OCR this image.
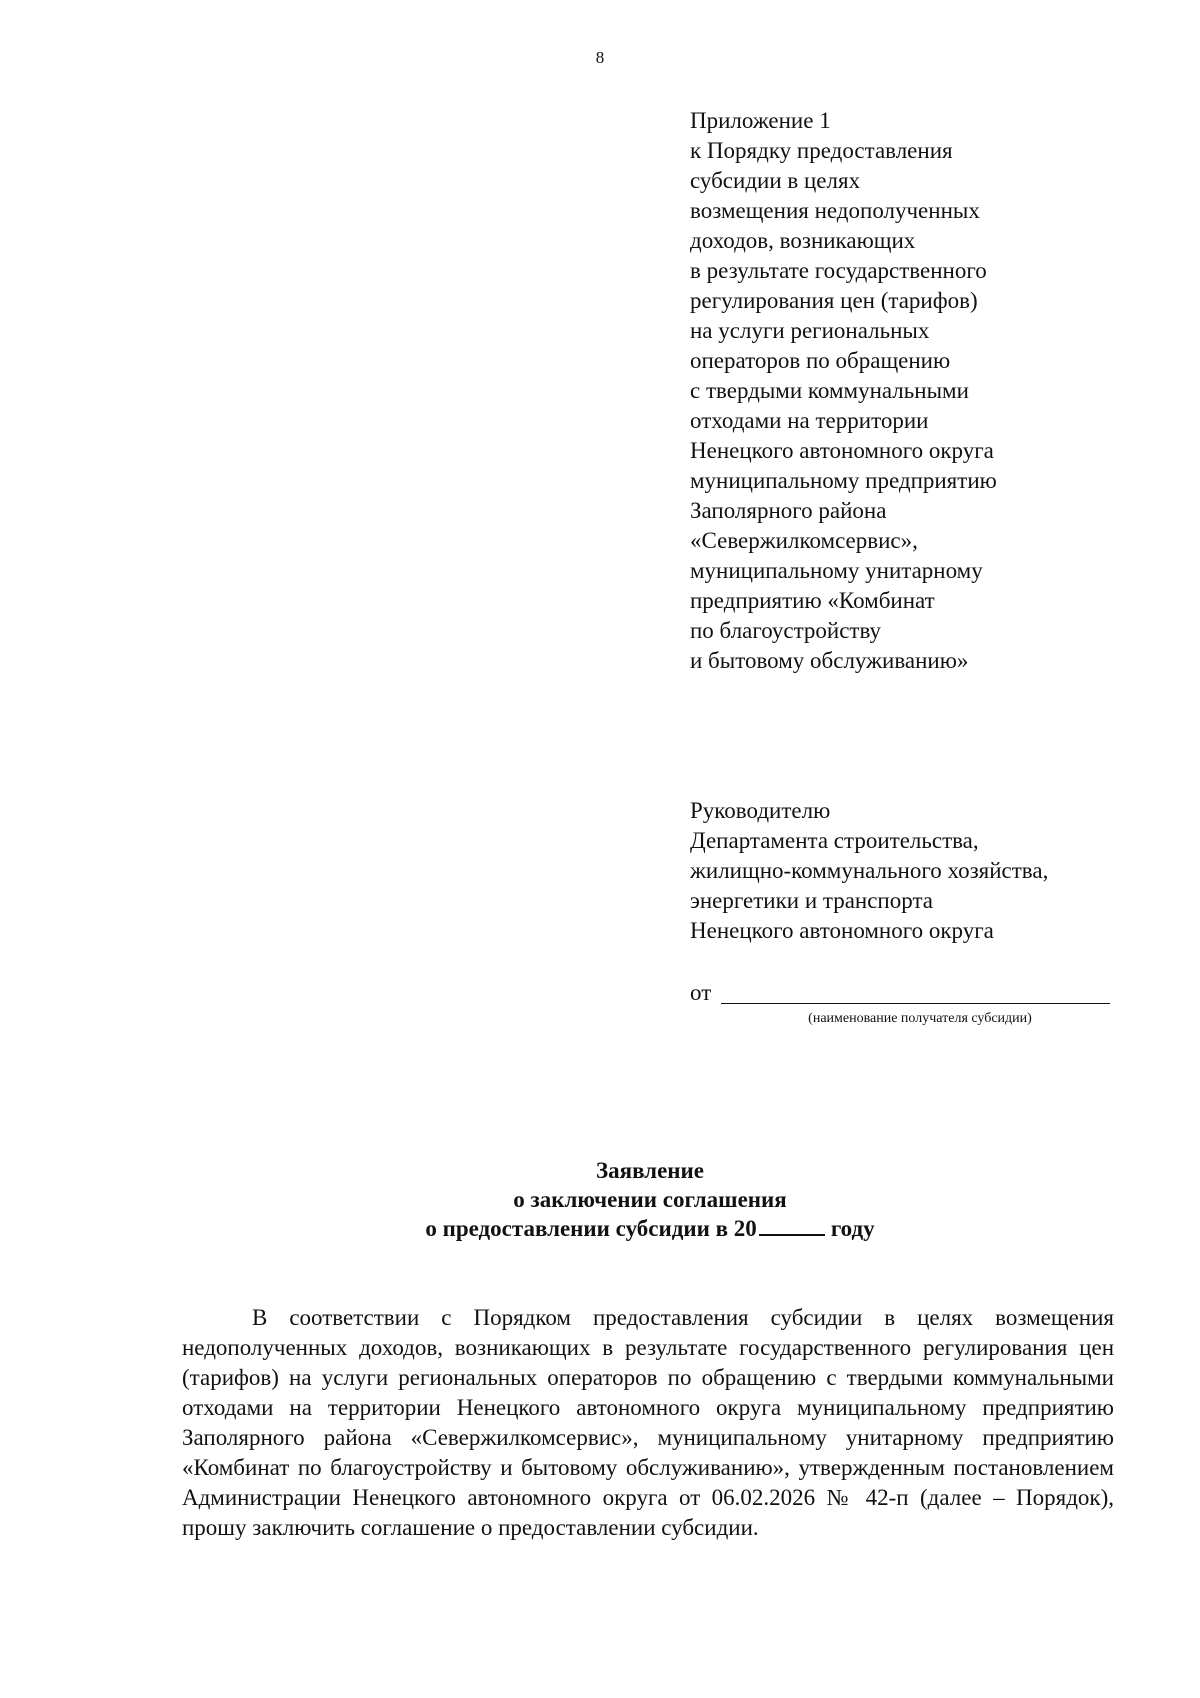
8
Приложение 1
к Порядку предоставления
субсидии в целях
возмещения недополученных
доходов, возникающих
в результате государственного
регулирования цен (тарифов)
на услуги региональных
операторов по обращению
с твердыми коммунальными
отходами на территории
Ненецкого автономного округа
муниципальному предприятию
Заполярного района
«Севержилкомсервис»,
муниципальному унитарному
предприятию «Комбинат
по благоустройству
и бытовому обслуживанию»
Руководителю
Департамента строительства,
жилищно-коммунального хозяйства,
энергетики и транспорта
Ненецкого автономного округа
от
(наименование получателя субсидии)
Заявление
о заключении соглашения
о предоставлении субсидии в 20	году

В соответствии с Порядком предоставления субсидии в целях возмещения недополученных доходов, возникающих в результате государственного регулирования цен (тарифов) на услуги региональных операторов по обращению с твердыми коммунальными отходами на территории Ненецкого автономного округа муниципальному предприятию Заполярного района «Севержилкомсервис», муниципальному унитарному предприятию «Комбинат по благоустройству и бытовому обслуживанию», утвержденным постановлением Администрации Ненецкого автономного округа от 06.02.2026 № 42-п (далее – Порядок), прошу заключить соглашение о предоставлении субсидии.
